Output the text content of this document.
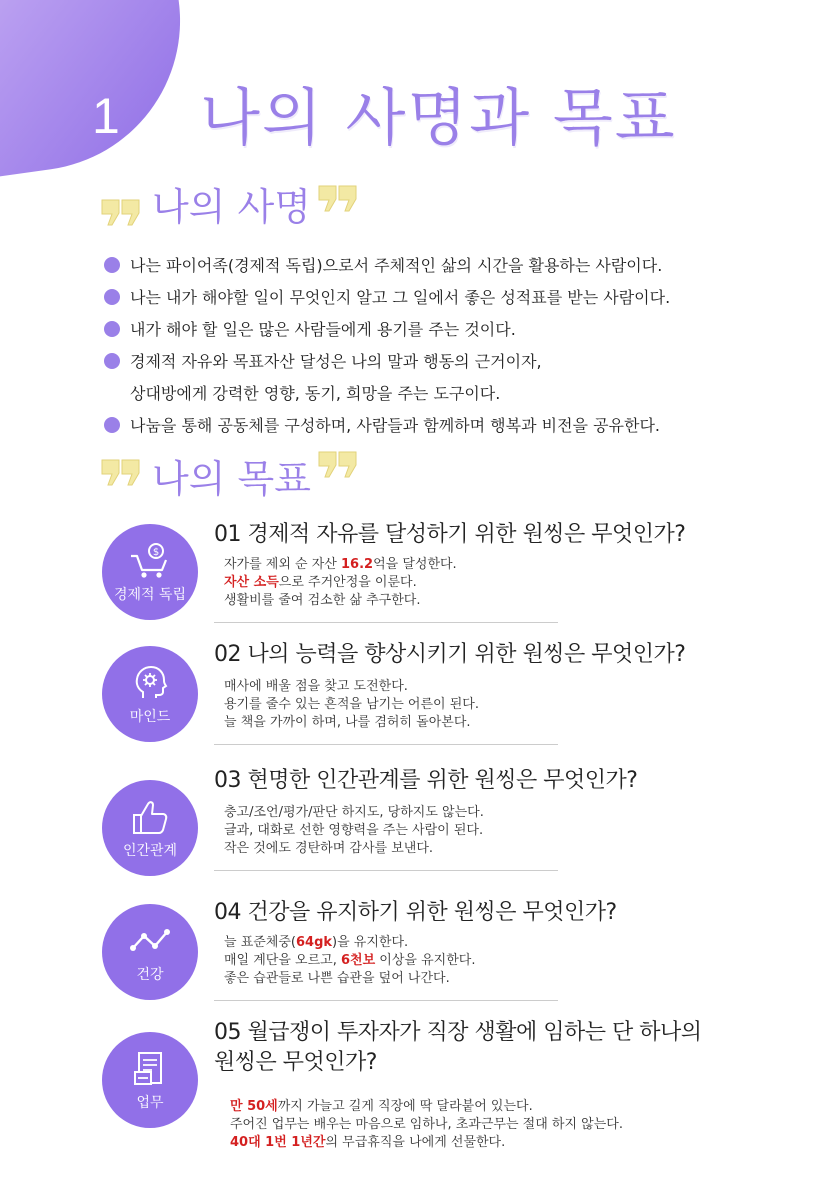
1 나의 사명과 목표
나의 사명
나는 파이어족(경제적 독립)으로서 주체적인 삶의 시간을 활용하는 사람이다.
나는 내가 해야할 일이 무엇인지 알고 그 일에서 좋은 성적표를 받는 사람이다.
내가 해야 할 일은 많은 사람들에게 용기를 주는 것이다.
경제적 자유와 목표자산 달성은 나의 말과 행동의 근거이자,
상대방에게 강력한 영향, 동기, 희망을 주는 도구이다.
나눔을 통해 공동체를 구성하며, 사람들과 함께하며 행복과 비전을 공유한다.
나의 목표
$
경제적 독립
01 경제적 자유를 달성하기 위한 원씽은 무엇인가?
자가를 제외 순 자산 16.2억을 달성한다.
자산 소득으로 주거안정을 이룬다.
생활비를 줄여 검소한 삶 추구한다.
마인드
02 나의 능력을 향상시키기 위한 원씽은 무엇인가?
매사에 배울 점을 찾고 도전한다.
용기를 줄수 있는 흔적을 남기는 어른이 된다.
늘 책을 가까이 하며, 나를 겸허히 돌아본다.
인간관계
03 현명한 인간관계를 위한 원씽은 무엇인가?
충고/조언/평가/판단 하지도, 당하지도 않는다.
글과, 대화로 선한 영향력을 주는 사람이 된다.
작은 것에도 경탄하며 감사를 보낸다.
건강
04 건강을 유지하기 위한 원씽은 무엇인가?
늘 표준체중(64gk)을 유지한다.
매일 계단을 오르고, 6천보 이상을 유지한다.
좋은 습관들로 나쁜 습관을 덮어 나간다.
업무
05 월급쟁이 투자자가 직장 생활에 임하는 단 하나의
원씽은 무엇인가?
만 50세까지 가늘고 길게 직장에 딱 달라붙어 있는다.
주어진 업무는 배우는 마음으로 임하나, 초과근무는 절대 하지 않는다.
40대 1번 1년간의 무급휴직을 나에게 선물한다.
